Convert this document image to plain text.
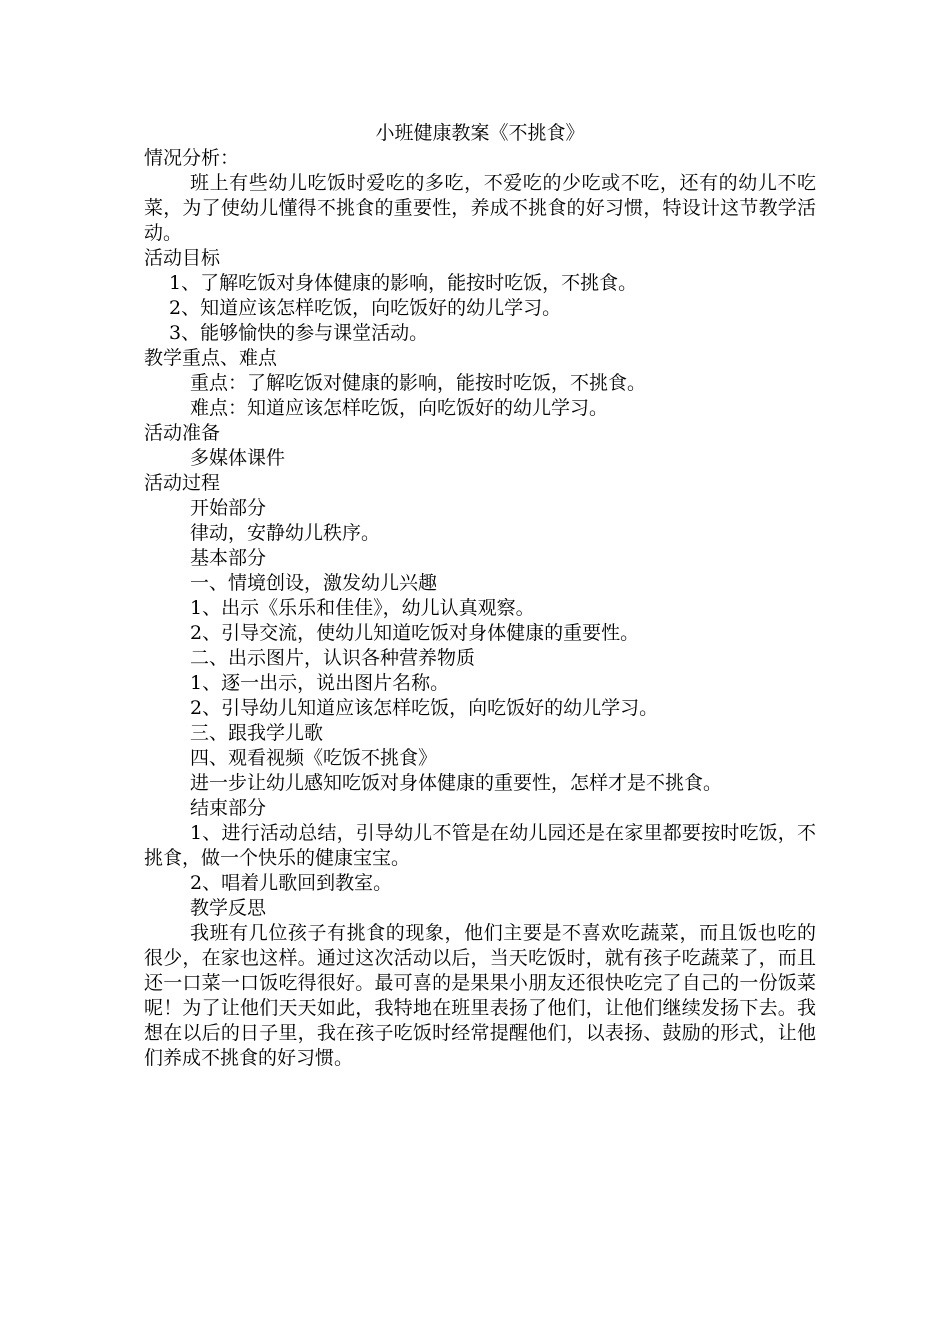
小班健康教案《不挑食》

情况分析：

班上有些幼儿吃饭时爱吃的多吃，不爱吃的少吃或不吃，还有的幼儿不吃菜，为了使幼儿懂得不挑食的重要性，养成不挑食的好习惯，特设计这节教学活动。

活动目标

1、了解吃饭对身体健康的影响，能按时吃饭，不挑食。

2、知道应该怎样吃饭，向吃饭好的幼儿学习。

3、能够愉快的参与课堂活动。

教学重点、难点

重点：了解吃饭对健康的影响，能按时吃饭，不挑食。

难点：知道应该怎样吃饭，向吃饭好的幼儿学习。

活动准备

多媒体课件

活动过程

开始部分

律动，安静幼儿秩序。

基本部分

一、情境创设，激发幼儿兴趣

1、出示《乐乐和佳佳》，幼儿认真观察。

2、引导交流，使幼儿知道吃饭对身体健康的重要性。

二、出示图片，认识各种营养物质

1、逐一出示，说出图片名称。

2、引导幼儿知道应该怎样吃饭，向吃饭好的幼儿学习。

三、跟我学儿歌

四、观看视频《吃饭不挑食》

进一步让幼儿感知吃饭对身体健康的重要性，怎样才是不挑食。

结束部分

1、进行活动总结，引导幼儿不管是在幼儿园还是在家里都要按时吃饭，不挑食，做一个快乐的健康宝宝。

2、唱着儿歌回到教室。

教学反思

我班有几位孩子有挑食的现象，他们主要是不喜欢吃蔬菜，而且饭也吃的很少，在家也这样。通过这次活动以后，当天吃饭时，就有孩子吃蔬菜了，而且还一口菜一口饭吃得很好。最可喜的是果果小朋友还很快吃完了自己的一份饭菜呢！为了让他们天天如此，我特地在班里表扬了他们，让他们继续发扬下去。我想在以后的日子里，我在孩子吃饭时经常提醒他们，以表扬、鼓励的形式，让他们养成不挑食的好习惯。
